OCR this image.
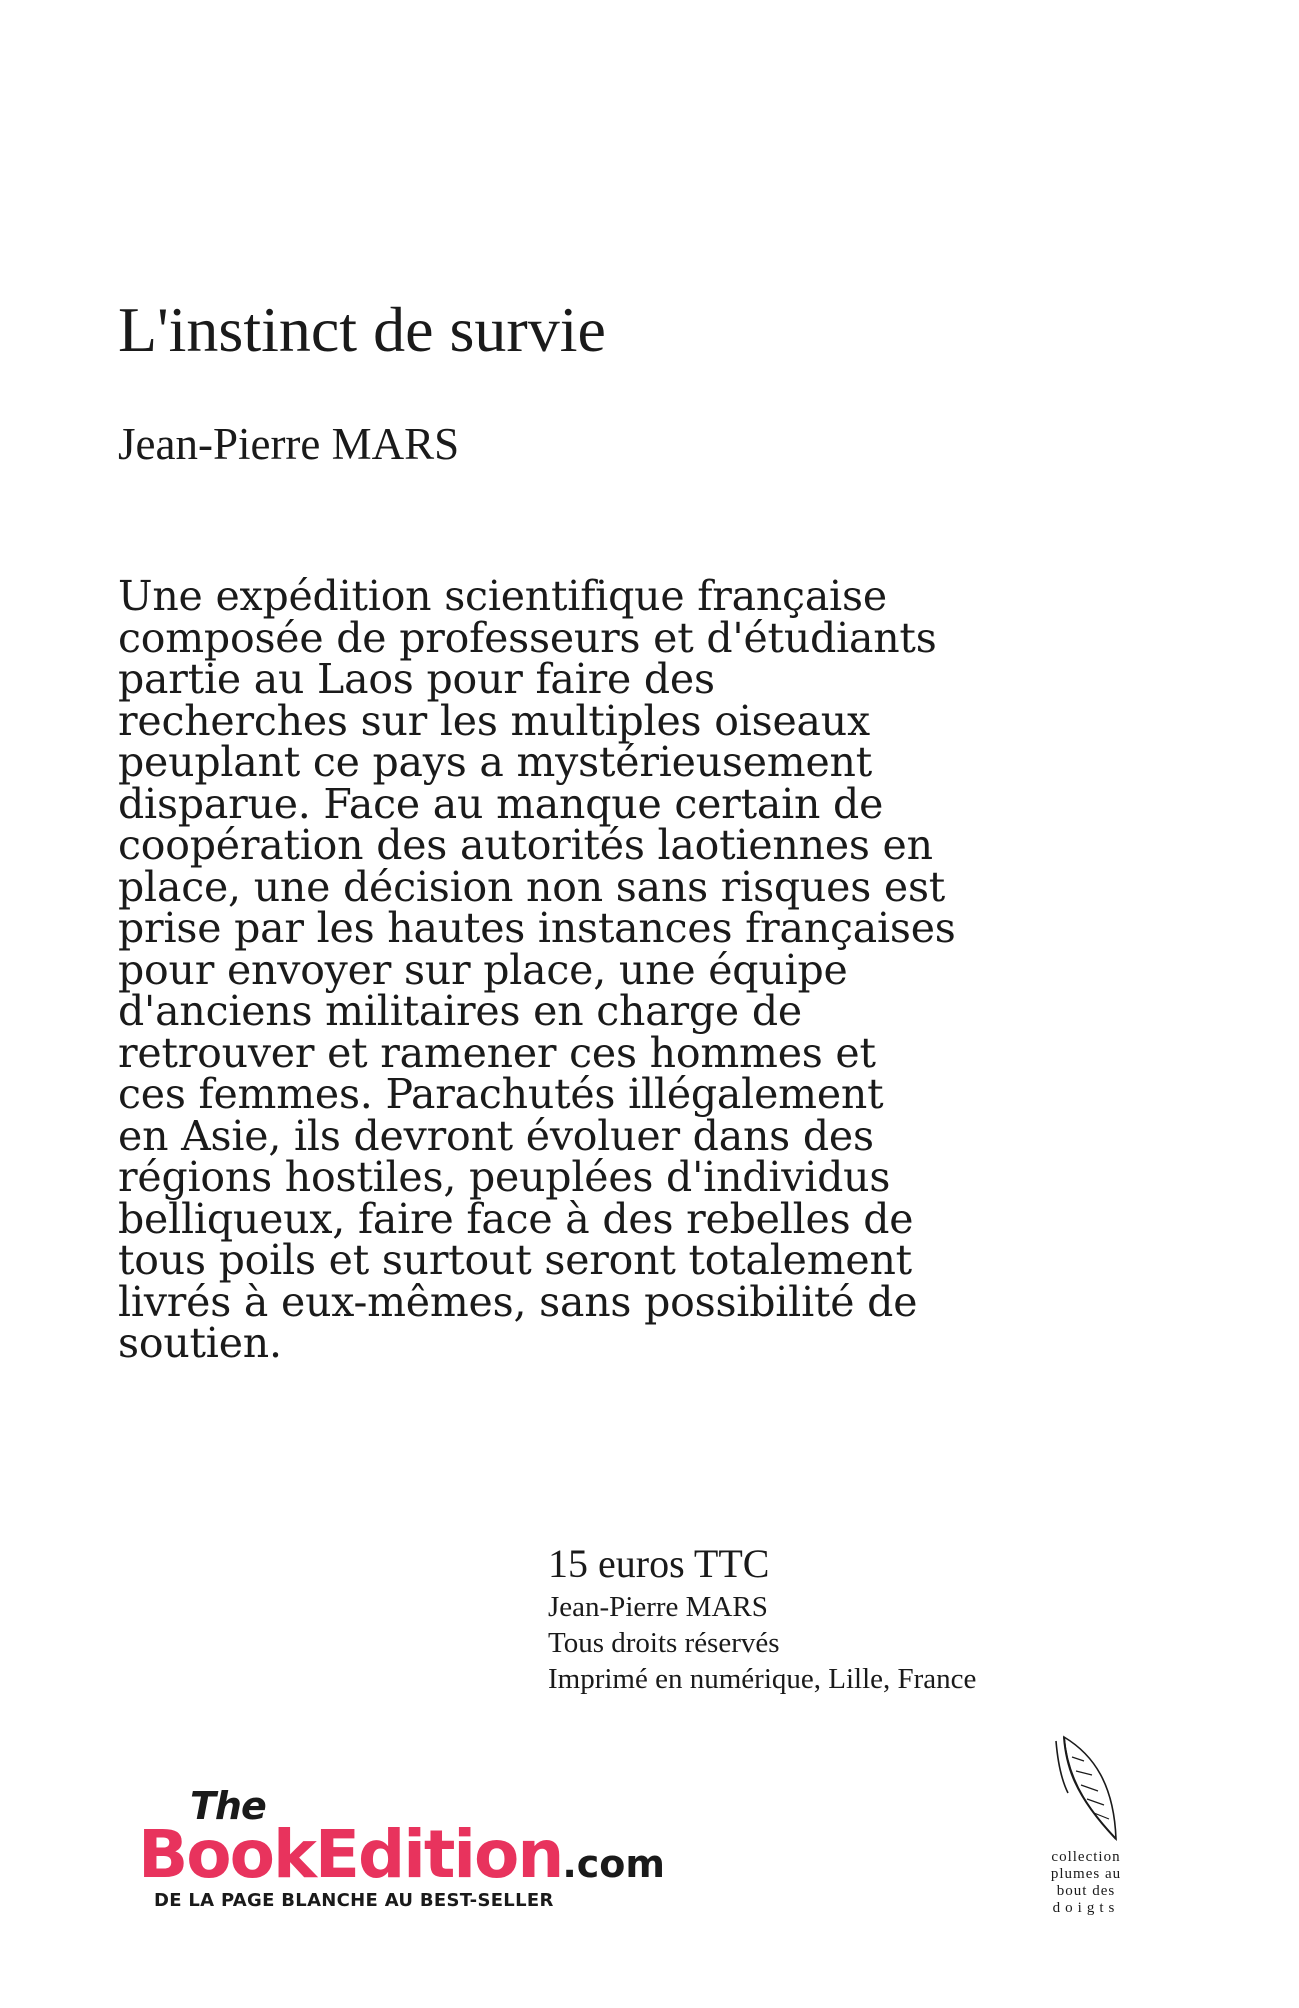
L'instinct de survie
Jean-Pierre MARS
Une expédition scientifique française
composée de professeurs et d'étudiants
partie au Laos pour faire des
recherches sur les multiples oiseaux
peuplant ce pays a mystérieusement
disparue. Face au manque certain de
coopération des autorités laotiennes en
place, une décision non sans risques est
prise par les hautes instances françaises
pour envoyer sur place, une équipe
d'anciens militaires en charge de
retrouver et ramener ces hommes et
ces femmes. Parachutés illégalement
en Asie, ils devront évoluer dans des
régions hostiles, peuplées d'individus
belliqueux, faire face à des rebelles de
tous poils et surtout seront totalement
livrés à eux-mêmes, sans possibilité de
soutien.
15 euros TTC
Jean-Pierre MARS
Tous droits réservés
Imprimé en numérique, Lille, France
The
BookEdition.com
DE LA PAGE BLANCHE AU BEST-SELLER
collection
plumes au
bout des
doigts
